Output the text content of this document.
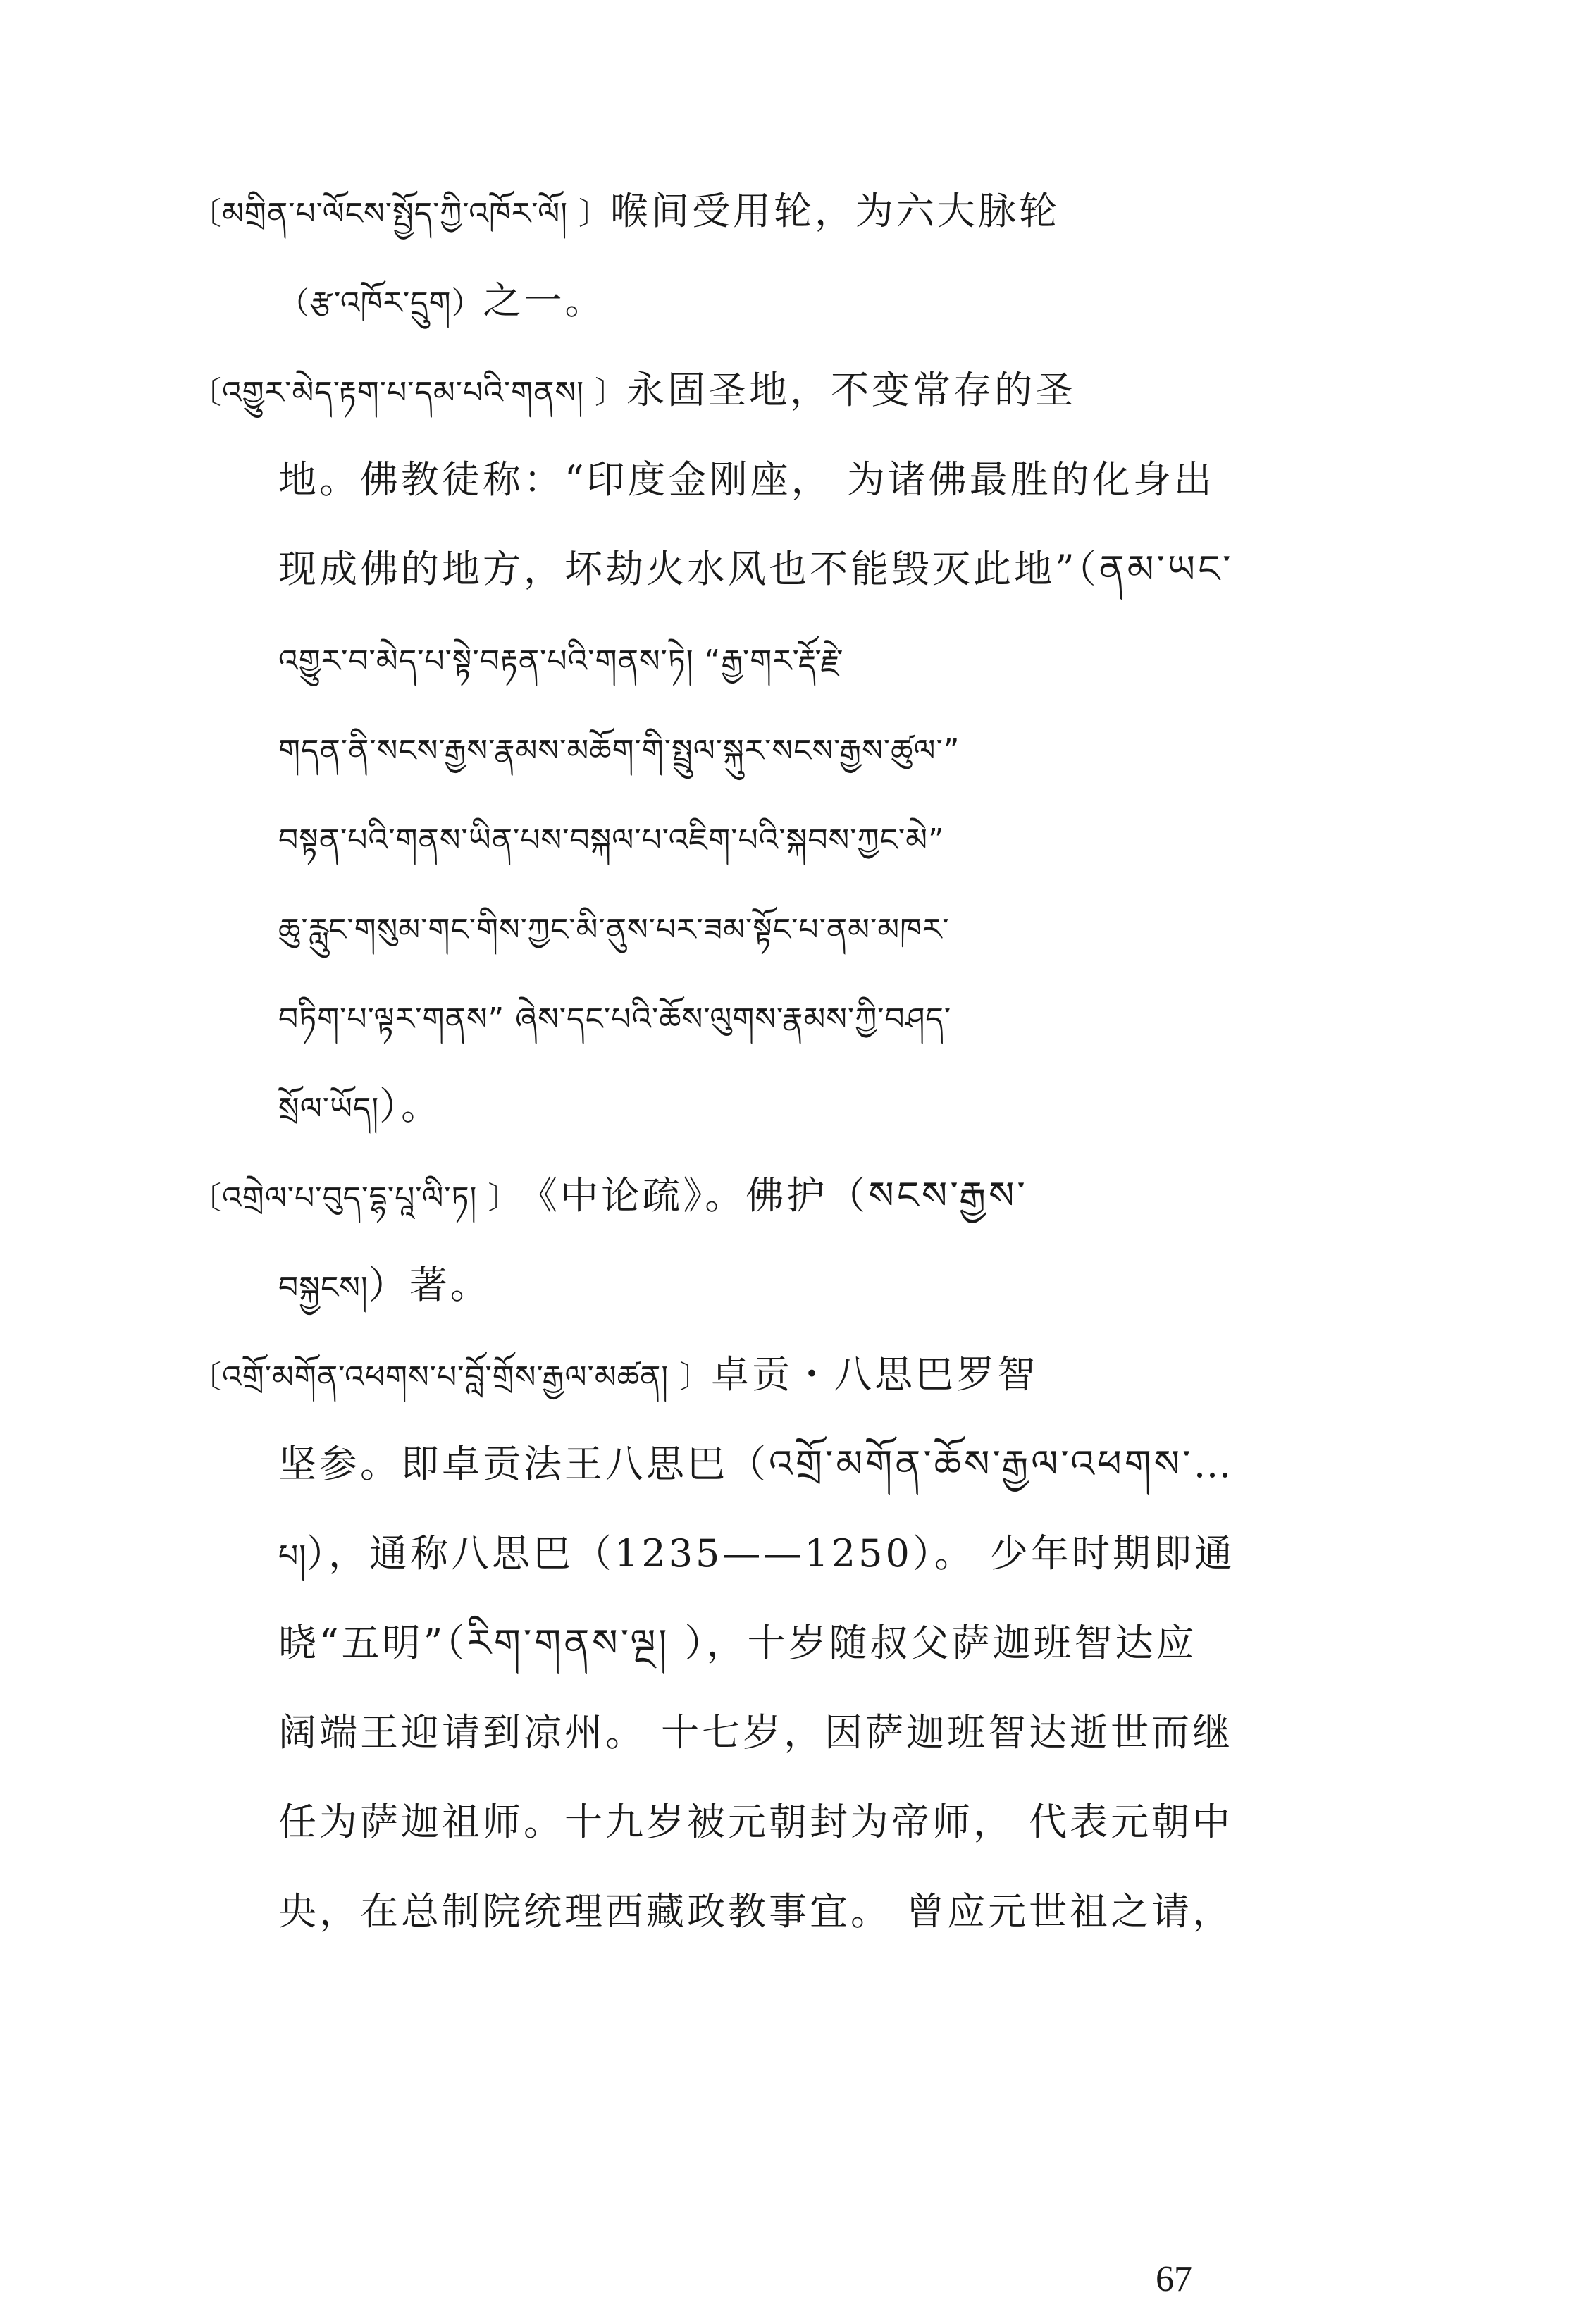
〔མགྲིན་པ་ལོངས་སྤྱོད་ཀྱི་འཁོར་ལོ། 〕喉间受用轮，为六大脉轮
（རྩ་འཁོར་དྲུག）之一。
〔འགྱུར་མེད་རྟག་པ་དམ་པའི་གནས། 〕永固圣地，不变常存的圣
地。佛教徒称：“印度金刚座， 为诸佛最胜的化身出
现成佛的地方，坏劫火水风也不能毁灭此地”（ནམ་ཡང་
འགྱུར་བ་མེད་པ་སྟེ་བརྟན་པའི་གནས་ཏེ། “རྒྱ་གར་རྡོ་རྗེ་
གདན་ནི་སངས་རྒྱས་རྣམས་མཆོག་གི་སྤྲུལ་སྐུར་སངས་རྒྱས་ཚུལ་”
བསྟན་པའི་གནས་ཡིན་པས་བསྐལ་པ་འཇིག་པའི་སྐབས་ཀྱང་མེ”
ཆུ་རླུང་གསུམ་གང་གིས་ཀྱང་མི་ནུས་པར་ཟམ་སྟོང་པ་ནམ་མཁར་
བཏིག་པ་ལྟར་གནས” ཞེས་དང་པའི་ཆོས་ལུགས་རྣམས་ཀྱི་བཤད་
སྲོལ་ཡོད།）。
〔འགྲེལ་པ་བུད་དྷ་པཱ་ལི་ཏ། 〕《中论疏》。佛护（སངས་རྒྱས་
བསྐྱངས།）著。
〔འགྲོ་མགོན་འཕགས་པ་བློ་གྲོས་རྒྱལ་མཚན། 〕卓贡・八思巴罗智
坚参。即卓贡法王八思巴（འགྲོ་མགོན་ཆོས་རྒྱལ་འཕགས་…
པ།），通称八思巴（1235——1250）。 少年时期即通
晓“五明”（རིག་གནས་ལྔ། ），十岁随叔父萨迦班智达应
阔端王迎请到凉州。 十七岁，因萨迦班智达逝世而继
任为萨迦祖师。十九岁被元朝封为帝师， 代表元朝中
央，在总制院统理西藏政教事宜。 曾应元世祖之请，
67
